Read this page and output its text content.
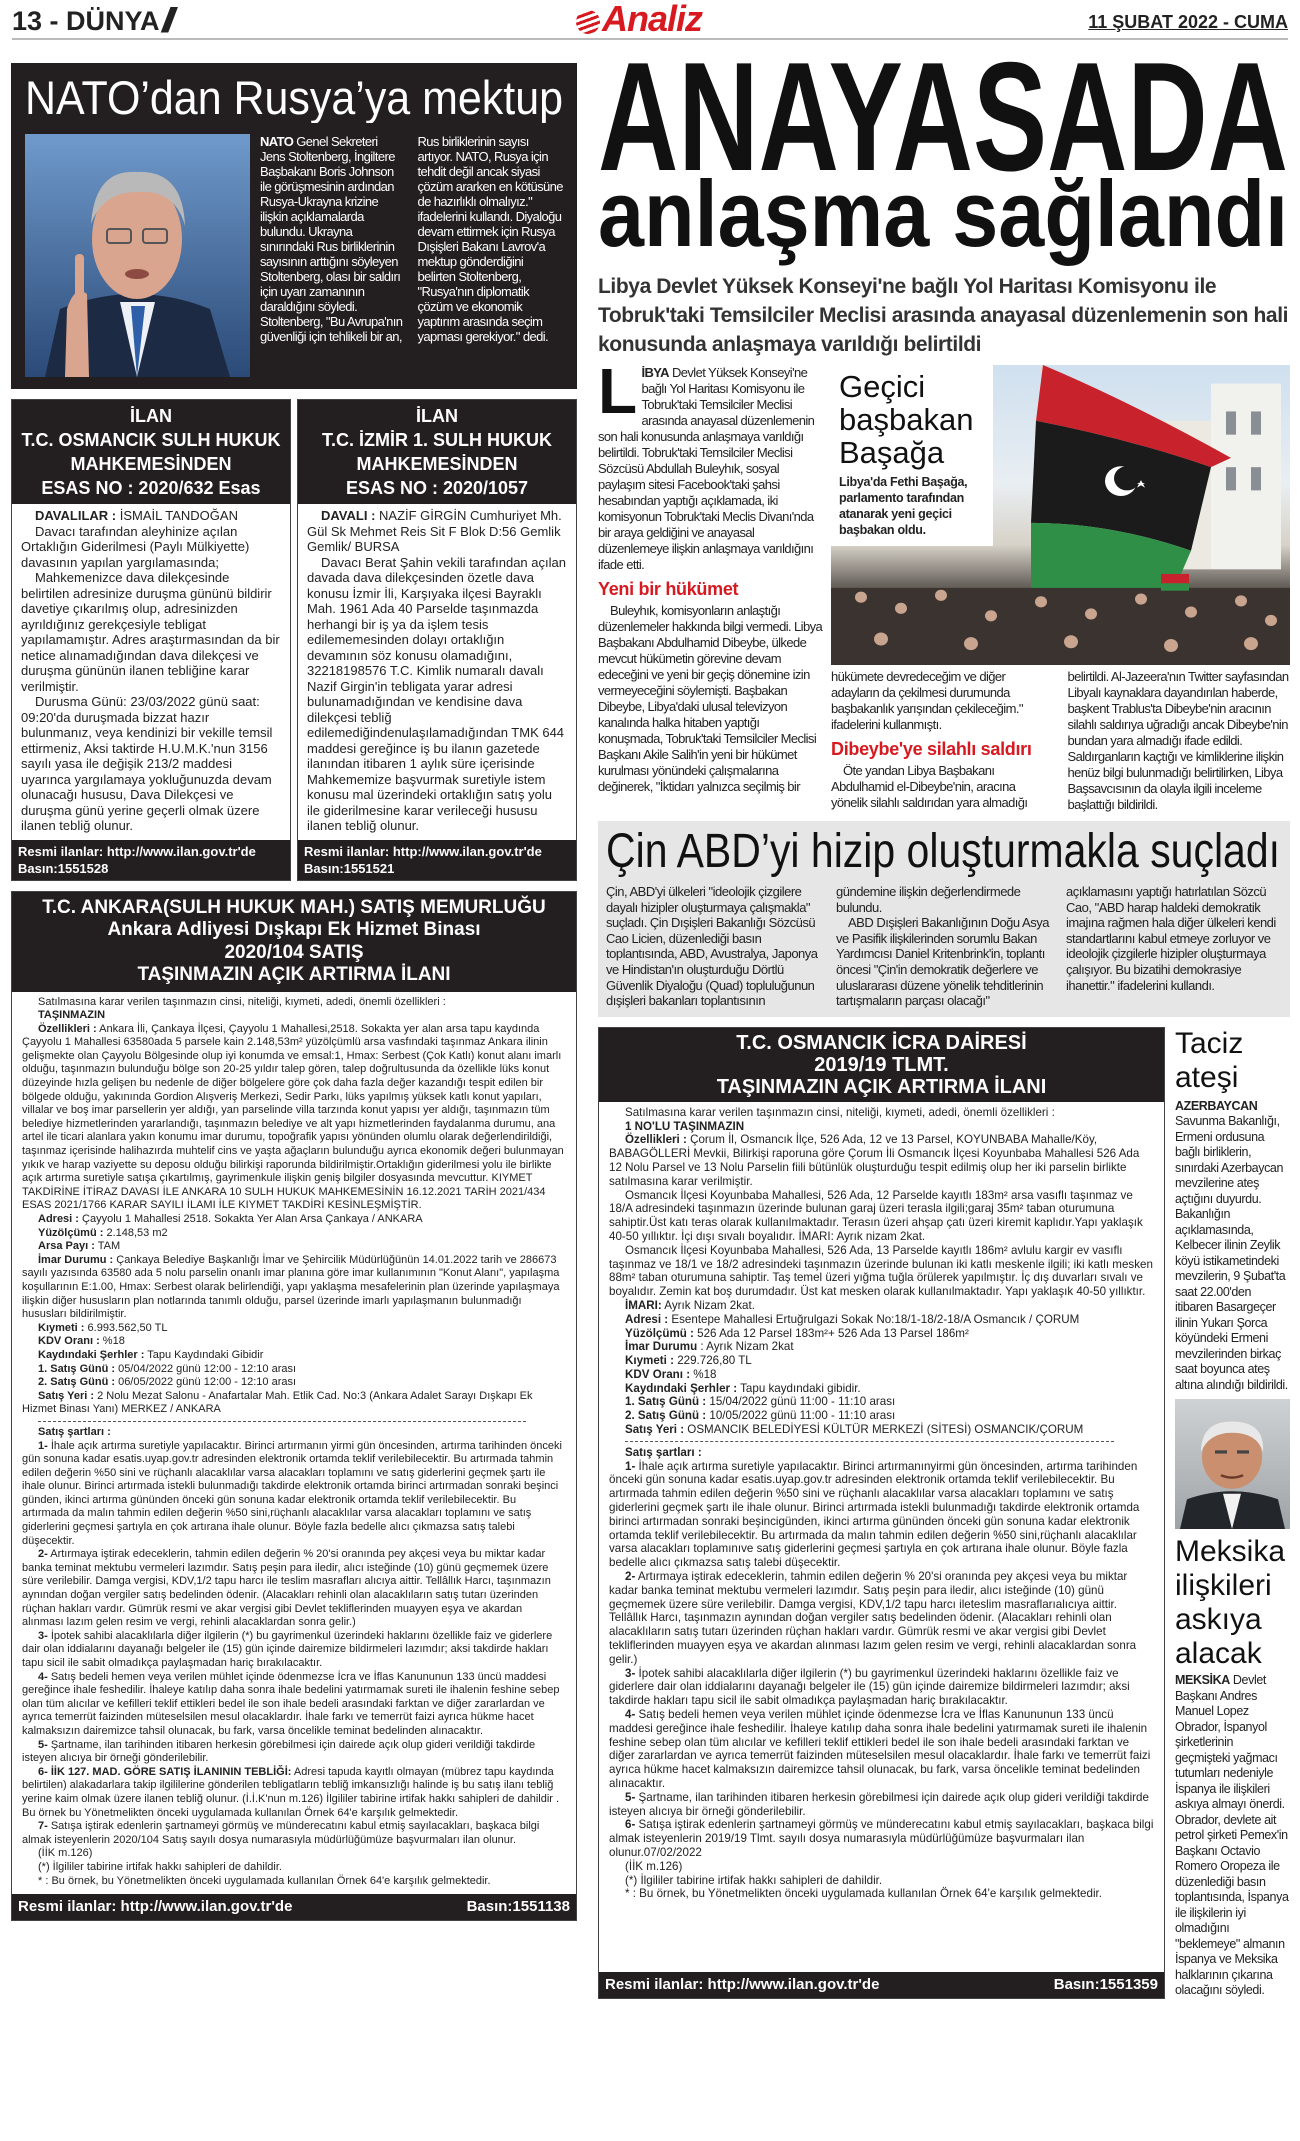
13 - DÜNYA //	Analiz	11 ŞUBAT 2022 - CUMA
NATO’dan Rusya’ya mektup
NATO Genel Sekreteri Jens Stoltenberg, İngiltere Başbakanı Boris Johnson ile görüşmesinin ardından Rusya-Ukrayna krizine ilişkin açıklamalarda bulundu. Ukrayna sınırındaki Rus birliklerinin sayısının arttığını söyleyen Stoltenberg, olası bir saldırı için uyarı zamanının daraldığını söyledi. Stoltenberg, "Bu Avrupa'nın güvenliği için tehlikeli bir an, Rus birliklerinin sayısı artıyor. NATO, Rusya için tehdit değil ancak siyasi çözüm ararken en kötüsüne de hazırlıklı olmalıyız." ifadelerini kullandı. Diyaloğu devam ettirmek için Rusya Dışişleri Bakanı Lavrov'a mektup gönderdiğini belirten Stoltenberg, "Rusya'nın diplomatik çözüm ve ekonomik yaptırım arasında seçim yapması gerekiyor." dedi.
İLAN
T.C. OSMANCIK SULH HUKUK
MAHKEMESİNDEN
ESAS NO : 2020/632 Esas

DAVALILAR : İSMAİL TANDOĞAN

Davacı tarafından aleyhinize açılan Ortaklığın Giderilmesi (Paylı Mülkiyette) davasının yapılan yargılamasında;

Mahkemenizce dava dilekçesinde belirtilen adresinize duruşma gününü bildirir davetiye çıkarılmış olup, adresinizden ayrıldığınız gerekçesiyle tebligat yapılamamıştır. Adres araştırmasından da bir netice alınamadığından dava dilekçesi ve duruşma gününün ilanen tebliğine karar verilmiştir.

Durusma Günü: 23/03/2022 günü saat: 09:20'da duruşmada bizzat hazır bulunmanız, veya kendinizi bir vekille temsil ettirmeniz, Aksi taktirde H.U.M.K.'nun 3156 sayılı yasa ile değişik 213/2 maddesi uyarınca yargılamaya yokluğunuzda devam olunacağı hususu, Dava Dilekçesi ve duruşma günü yerine geçerli olmak üzere ilanen tebliğ olunur.

Resmi ilanlar: http://www.ilan.gov.tr'de Basın:1551528
İLAN
T.C. İZMİR 1. SULH HUKUK
MAHKEMESİNDEN
ESAS NO : 2020/1057

DAVALI : NAZİF GİRGİN Cumhuriyet Mh. Gül Sk Mehmet Reis Sit F Blok D:56 Gemlik Gemlik/ BURSA

Davacı Berat Şahin vekili tarafından açılan davada dava dilekçesinden özetle dava konusu İzmir İli, Karşıyaka ilçesi Bayraklı Mah. 1961 Ada 40 Parselde taşınmazda herhangi bir iş ya da işlem tesis edilememesinden dolayı ortaklığın devamının söz konusu olamadığını, 32218198576 T.C. Kimlik numaralı davalı Nazif Girgin'in tebligata yarar adresi bulunamadığından ve kendisine dava dilekçesi tebliğ edilemediğindenulaşılamadığından TMK 644 maddesi gereğince iş bu ilanın gazetede ilanından itibaren 1 aylık süre içerisinde Mahkememize başvurmak suretiyle istem konusu mal üzerindeki ortaklığın satış yolu ile giderilmesine karar verileceği hususu ilanen tebliğ olunur.

Resmi ilanlar: http://www.ilan.gov.tr'de Basın:1551521
T.C. ANKARA(SULH HUKUK MAH.) SATIŞ MEMURLUĞU
Ankara Adliyesi Dışkapı Ek Hizmet Binası
2020/104 SATIŞ
TAŞINMAZIN AÇIK ARTIRMA İLANI

Satılmasına karar verilen taşınmazın cinsi, niteliği, kıymeti, adedi, önemli özellikleri :

TAŞINMAZIN

Özellikleri : Ankara İli, Çankaya İlçesi, Çayyolu 1 Mahallesi,2518. Sokakta yer alan arsa tapu kaydında Çayyolu 1 Mahallesi 63580ada 5 parsele kain 2.148,53m² yüzölçümlü arsa vasfındaki taşınmaz Ankara ilinin gelişmekte olan Çayyolu Bölgesinde olup iyi konumda ve emsal:1, Hmax: Serbest (Çok Katlı) konut alanı imarlı olduğu, taşınmazın bulunduğu bölge son 20-25 yıldır talep gören, talep doğrultusunda da özellikle lüks konut düzeyinde hızla gelişen bu nedenle de diğer bölgelere göre çok daha fazla değer kazandığı tespit edilen bir bölgede olduğu, yakınında Gordion Alışveriş Merkezi, Sedir Parkı, lüks yapılmış yüksek katlı konut yapıları, villalar ve boş imar parsellerin yer aldığı, yan parselinde villa tarzında konut yapısı yer aldığı, taşınmazın tüm belediye hizmetlerinden yararlandığı, taşınmazın belediye ve alt yapı hizmetlerinden faydalanma durumu, ana artel ile ticari alanlara yakın konumu imar durumu, topoğrafik yapısı yönünden olumlu olarak değerlendirildiği, taşınmaz içerisinde halihazırda muhtelif cins ve yaşta ağaçların bulunduğu ayrıca ekonomik değeri bulunmayan yıkık ve harap vaziyette su deposu olduğu bilirkişi raporunda bildirilmiştir.Ortaklığın giderilmesi yolu ile birlikte açık artırma suretiyle satışa çıkartılmış, gayrimenkule ilişkin geniş bilgiler dosyasında mevcuttur. KIYMET TAKDİRİNE İTİRAZ DAVASI İLE ANKARA 10 SULH HUKUK MAHKEMESİNİN 16.12.2021 TARİH 2021/434 ESAS 2021/1766 KARAR SAYILI İLAMI İLE KIYMET TAKDİRİ KESİNLEŞMİŞTİR.

Adresi : Çayyolu 1 Mahallesi 2518. Sokakta Yer Alan Arsa Çankaya / ANKARA

Yüzölçümü : 2.148,53 m2

Arsa Payı : TAM

İmar Durumu : Çankaya Belediye Başkanlığı İmar ve Şehircilik Müdürlüğünün 14.01.2022 tarih ve 286673 sayılı yazısında 63580 ada 5 nolu parselin onanlı imar planına göre imar kullanımının "Konut Alanı", yapılaşma koşullarının E:1.00, Hmax: Serbest olarak belirlendiği, yapı yaklaşma mesafelerinin plan üzerinde yapılaşmaya ilişkin diğer hususların plan notlarında tanımlı olduğu, parsel üzerinde imarlı yapılaşmanın bulunmadığı hususları bildirilmiştir.

Kıymeti : 6.993.562,50 TL

KDV Oranı : %18

Kaydındaki Şerhler : Tapu Kaydındaki Gibidir

1. Satış Günü : 05/04/2022 günü 12:00 - 12:10 arası

2. Satış Günü : 06/05/2022 günü 12:00 - 12:10 arası

Satış Yeri : 2 Nolu Mezat Salonu - Anafartalar Mah. Etlik Cad. No:3 (Ankara Adalet Sarayı Dışkapı Ek Hizmet Binası Yanı) MERKEZ / ANKARA

Satış şartları :

1- İhale açık artırma suretiyle yapılacaktır. Birinci artırmanın yirmi gün öncesinden, artırma tarihinden önceki gün sonuna kadar esatis.uyap.gov.tr adresinden elektronik ortamda teklif verilebilecektir. Bu artırmada tahmin edilen değerin %50 sini ve rüçhanlı alacaklılar varsa alacakları toplamını ve satış giderlerini geçmek şartı ile ihale olunur. Birinci artırmada istekli bulunmadığı takdirde elektronik ortamda birinci artırmadan sonraki beşinci günden, ikinci artırma gününden önceki gün sonuna kadar elektronik ortamda teklif verilebilecektir. Bu artırmada da malın tahmin edilen değerin %50 sini,rüçhanlı alacaklılar varsa alacakları toplamını ve satış giderlerini geçmesi şartıyla en çok artırana ihale olunur. Böyle fazla bedelle alıcı çıkmazsa satış talebi düşecektir.

2- Artırmaya iştirak edeceklerin, tahmin edilen değerin % 20'si oranında pey akçesi veya bu miktar kadar banka teminat mektubu vermeleri lazımdır. Satış peşin para iledir, alıcı isteğinde (10) günü geçmemek üzere süre verilebilir. Damga vergisi, KDV,1/2 tapu harcı ile teslim masrafları alıcıya aittir. Tellâllık Harcı, taşınmazın aynından doğan vergiler satış bedelinden ödenir. (Alacakları rehinli olan alacaklıların satış tutarı üzerinden rüçhan hakları vardır. Gümrük resmi ve akar vergisi gibi Devlet tekliflerinden muayyen eşya ve akardan alınması lazım gelen resim ve vergi, rehinli alacaklardan sonra gelir.)

3- İpotek sahibi alacaklılarla diğer ilgilerin (*) bu gayrimenkul üzerindeki haklarını özellikle faiz ve giderlere dair olan iddialarını dayanağı belgeler ile (15) gün içinde dairemize bildirmeleri lazımdır; aksi takdirde hakları tapu sicil ile sabit olmadıkça paylaşmadan hariç bırakılacaktır.

4- Satış bedeli hemen veya verilen mühlet içinde ödenmezse İcra ve İflas Kanununun 133 üncü maddesi gereğince ihale feshedilir. İhaleye katılıp daha sonra ihale bedelini yatırmamak sureti ile ihalenin feshine sebep olan tüm alıcılar ve kefilleri teklif ettikleri bedel ile son ihale bedeli arasındaki farktan ve diğer zararlardan ve ayrıca temerrüt faizinden müteselsilen mesul olacaklardır. İhale farkı ve temerrüt faizi ayrıca hükme hacet kalmaksızın dairemizce tahsil olunacak, bu fark, varsa öncelikle teminat bedelinden alınacaktır.

5- Şartname, ilan tarihinden itibaren herkesin görebilmesi için dairede açık olup gideri verildiği takdirde isteyen alıcıya bir örneği gönderilebilir.

6- İİK 127. MAD. GÖRE SATIŞ İLANININ TEBLİĞİ: Adresi tapuda kayıtlı olmayan (mübrez tapu kaydında belirtilen) alakadarlara takip ilgililerine gönderilen tebligatların tebliğ imkansızlığı halinde iş bu satış ilanı tebliğ yerine kaim olmak üzere ilanen tebliğ olunur. (İ.İ.K'nun m.126) İlgililer tabirine irtifak hakkı sahipleri de dahildir . Bu örnek bu Yönetmelikten önceki uygulamada kullanılan Örnek 64'e karşılık gelmektedir.

7- Satışa iştirak edenlerin şartnameyi görmüş ve münderecatını kabul etmiş sayılacakları, başkaca bilgi almak isteyenlerin 2020/104 Satış sayılı dosya numarasıyla müdürlüğümüze başvurmaları ilan olunur.

(İİK m.126)

(*) İlgililer tabirine irtifak hakkı sahipleri de dahildir.

* : Bu örnek, bu Yönetmelikten önceki uygulamada kullanılan Örnek 64'e karşılık gelmektedir.

Resmi ilanlar: http://www.ilan.gov.tr'de	Basın:1551138
ANAYASADA
anlaşma sağlandı
Libya Devlet Yüksek Konseyi'ne bağlı Yol Haritası Komisyonu ile Tobruk'taki Temsilciler Meclisi arasında anayasal düzenlemenin son hali konusunda anlaşmaya varıldığı belirtildi
L İBYA Devlet Yüksek Konseyi'ne bağlı Yol Haritası Komisyonu ile Tobruk'taki Temsilciler Meclisi arasında anayasal düzenlemenin son hali konusunda anlaşmaya varıldığı belirtildi. Tobruk'taki Temsilciler Meclisi Sözcüsü Abdullah Buleyhık, sosyal paylaşım sitesi Facebook'taki şahsi hesabından yaptığı açıklamada, iki komisyonun Tobruk'taki Meclis Divanı'nda bir araya geldiğini ve anayasal düzenlemeye ilişkin anlaşmaya varıldığını ifade etti.

Yeni bir hükümet

Buleyhık, komisyonların anlaştığı düzenlemeler hakkında bilgi vermedi. Libya Başbakanı Abdulhamid Dibeybe, ülkede mevcut hükümetin görevine devam edeceğini ve yeni bir geçiş dönemine izin vermeyeceğini söylemişti. Başbakan Dibeybe, Libya'daki ulusal televizyon kanalında halka hitaben yaptığı konuşmada, Tobruk'taki Temsilciler Meclisi Başkanı Akile Salih'in yeni bir hükümet kurulması yönündeki çalışmalarına değinerek, "İktidarı yalnızca seçilmiş bir

Geçici başbakan Başağa
Libya'da Fethi Başağa, parlamento tarafından atanarak yeni geçici başbakan oldu.

hükümete devredeceğim ve diğer adayların da çekilmesi durumunda başbakanlık yarışından çekileceğim." ifadelerini kullanmıştı.

Dibeybe'ye silahlı saldırı

Öte yandan Libya Başbakanı Abdulhamid el-Dibeybe'nin, aracına yönelik silahlı saldırıdan yara almadığı belirtildi. Al-Jazeera'nın Twitter sayfasından Libyalı kaynaklara dayandırılan haberde, başkent Trablus'ta Dibeybe'nin aracının silahlı saldırıya uğradığı ancak Dibeybe'nin bundan yara almadığı ifade edildi. Saldırganların kaçtığı ve kimliklerine ilişkin henüz bilgi bulunmadığı belirtilirken, Libya Başsavcısının da olayla ilgili inceleme başlattığı bildirildi.

Çin ABD’yi hizip oluşturmakla suçladı

Çin, ABD'yi ülkeleri "ideolojik çizgilere dayalı hizipler oluşturmaya çalışmakla" suçladı. Çin Dışişleri Bakanlığı Sözcüsü Cao Licien, düzenlediği basın toplantısında, ABD, Avustralya, Japonya ve Hindistan'ın oluşturduğu Dörtlü Güvenlik Diyaloğu (Quad) topluluğunun dışişleri bakanları toplantısının gündemine ilişkin değerlendirmede bulundu.

ABD Dışişleri Bakanlığının Doğu Asya ve Pasifik ilişkilerinden sorumlu Bakan Yardımcısı Daniel Kritenbrink'in, toplantı öncesi "Çin'in demokratik değerlere ve uluslararası düzene yönelik tehditlerinin tartışmaların parçası olacağı" açıklamasını yaptığı hatırlatılan Sözcü Cao, "ABD harap haldeki demokratik imajına rağmen hala diğer ülkeleri kendi standartlarını kabul etmeye zorluyor ve ideolojik çizgilerle hizipler oluşturmaya çalışıyor. Bu bizatihi demokrasiye ihanettir." ifadelerini kullandı.

T.C. OSMANCIK İCRA DAİRESİ
2019/19 TLMT.
TAŞINMAZIN AÇIK ARTIRMA İLANI

Satılmasına karar verilen taşınmazın cinsi, niteliği, kıymeti, adedi, önemli özellikleri :

1 NO'LU TAŞINMAZIN

Özellikleri : Çorum İl, Osmancık İlçe, 526 Ada, 12 ve 13 Parsel, KOYUNBABA Mahalle/Köy, BABAGÖLLERİ Mevkii, Bilirkişi raporuna göre Çorum İli Osmancık İlçesi Koyunbaba Mahallesi 526 Ada 12 Nolu Parsel ve 13 Nolu Parselin fiili bütünlük oluşturduğu tespit edilmiş olup her iki parselin birlikte satılmasına karar verilmiştir.

Osmancık İlçesi Koyunbaba Mahallesi, 526 Ada, 12 Parselde kayıtlı 183m² arsa vasıflı taşınmaz ve 18/A adresindeki taşınmazın üzerinde bulunan garaj üzeri terasla ilgili;garaj 35m² taban oturumuna sahiptir.Üst katı teras olarak kullanılmaktadır. Terasın üzeri ahşap çatı üzeri kiremit kaplıdır.Yapı yaklaşık 40-50 yıllıktır. İçi dışı sıvalı boyalıdır. İMARI: Ayrık nizam 2kat.

Osmancık İlçesi Koyunbaba Mahallesi, 526 Ada, 13 Parselde kayıtlı 186m² avlulu kargir ev vasıflı taşınmaz ve 18/1 ve 18/2 adresindeki taşınmazın üzerinde bulunan iki katlı meskenle ilgili; iki katlı mesken 88m² taban oturumuna sahiptir. Taş temel üzeri yığma tuğla örülerek yapılmıştır. İç dış duvarları sıvalı ve boyalıdır. Zemin kat boş durumdadır. Üst kat mesken olarak kullanılmaktadır. Yapı yaklaşık 40-50 yıllıktır.

İMARI: Ayrık Nizam 2kat.

Adresi : Esentepe Mahallesi Ertuğrulgazi Sokak No:18/1-18/2-18/A Osmancık / ÇORUM

Yüzölçümü : 526 Ada 12 Parsel 183m²+ 526 Ada 13 Parsel 186m²

İmar Durumu : Ayrık Nizam 2kat

Kıymeti : 229.726,80 TL

KDV Oranı : %18

Kaydındaki Şerhler : Tapu kaydındaki gibidir.

1. Satış Günü : 15/04/2022 günü 11:00 - 11:10 arası

2. Satış Günü : 10/05/2022 günü 11:00 - 11:10 arası

Satış Yeri : OSMANCIK BELEDİYESİ KÜLTÜR MERKEZİ (SİTESİ) OSMANCIK/ÇORUM

Satış şartları :

1- İhale açık artırma suretiyle yapılacaktır. Birinci artırmanınyirmi gün öncesinden, artırma tarihinden önceki gün sonuna kadar esatis.uyap.gov.tr adresinden elektronik ortamda teklif verilebilecektir. Bu artırmada tahmin edilen değerin %50 sini ve rüçhanlı alacaklılar varsa alacakları toplamını ve satış giderlerini geçmek şartı ile ihale olunur. Birinci artırmada istekli bulunmadığı takdirde elektronik ortamda birinci artırmadan sonraki beşincigünden, ikinci artırma gününden önceki gün sonuna kadar elektronik ortamda teklif verilebilecektir. Bu artırmada da malın tahmin edilen değerin %50 sini,rüçhanlı alacaklılar varsa alacakları toplamınıve satış giderlerini geçmesi şartıyla en çok artırana ihale olunur. Böyle fazla bedelle alıcı çıkmazsa satış talebi düşecektir.

2- Artırmaya iştirak edeceklerin, tahmin edilen değerin % 20'si oranında pey akçesi veya bu miktar kadar banka teminat mektubu vermeleri lazımdır. Satış peşin para iledir, alıcı isteğinde (10) günü geçmemek üzere süre verilebilir. Damga vergisi, KDV,1/2 tapu harcı ileteslim masraflarıalıcıya aittir. Tellâllık Harcı, taşınmazın aynından doğan vergiler satış bedelinden ödenir. (Alacakları rehinli olan alacaklıların satış tutarı üzerinden rüçhan hakları vardır. Gümrük resmi ve akar vergisi gibi Devlet tekliflerinden muayyen eşya ve akardan alınması lazım gelen resim ve vergi, rehinli alacaklardan sonra gelir.)

3- İpotek sahibi alacaklılarla diğer ilgilerin (*) bu gayrimenkul üzerindeki haklarını özellikle faiz ve giderlere dair olan iddialarını dayanağı belgeler ile (15) gün içinde dairemize bildirmeleri lazımdır; aksi takdirde hakları tapu sicil ile sabit olmadıkça paylaşmadan hariç bırakılacaktır.

4- Satış bedeli hemen veya verilen mühlet içinde ödenmezse İcra ve İflas Kanununun 133 üncü maddesi gereğince ihale feshedilir. İhaleye katılıp daha sonra ihale bedelini yatırmamak sureti ile ihalenin feshine sebep olan tüm alıcılar ve kefilleri teklif ettikleri bedel ile son ihale bedeli arasındaki farktan ve diğer zararlardan ve ayrıca temerrüt faizinden müteselsilen mesul olacaklardır. İhale farkı ve temerrüt faizi ayrıca hükme hacet kalmaksızın dairemizce tahsil olunacak, bu fark, varsa öncelikle teminat bedelinden alınacaktır.

5- Şartname, ilan tarihinden itibaren herkesin görebilmesi için dairede açık olup gideri verildiği takdirde isteyen alıcıya bir örneği gönderilebilir.

6- Satışa iştirak edenlerin şartnameyi görmüş ve münderecatını kabul etmiş sayılacakları, başkaca bilgi almak isteyenlerin 2019/19 Tlmt. sayılı dosya numarasıyla müdürlüğümüze başvurmaları ilan olunur.07/02/2022

(İİK m.126)

(*) İlgililer tabirine irtifak hakkı sahipleri de dahildir.

* : Bu örnek, bu Yönetmelikten önceki uygulamada kullanılan Örnek 64'e karşılık gelmektedir.

Resmi ilanlar: http://www.ilan.gov.tr'de	Basın:1551359
Taciz ateşi
AZERBAYCAN Savunma Bakanlığı, Ermeni ordusuna bağlı birliklerin, sınırdaki Azerbaycan mevzilerine ateş açtığını duyurdu. Bakanlığın açıklamasında, Kelbecer ilinin Zeylik köyü istikametindeki mevzilerin, 9 Şubat'ta saat 22.00'den itibaren Basargeçer ilinin Yukarı Şorca köyündeki Ermeni mevzilerinden birkaç saat boyunca ateş altına alındığı bildirildi.
Meksika ilişkileri askıya alacak
MEKSİKA Devlet Başkanı Andres Manuel Lopez Obrador, İspanyol şirketlerinin geçmişteki yağmacı tutumları nedeniyle İspanya ile ilişkileri askıya almayı önerdi. Obrador, devlete ait petrol şirketi Pemex'in Başkanı Octavio Romero Oropeza ile düzenlediği basın toplantısında, İspanya ile ilişkilerin iyi olmadığını "beklemeye" almanın İspanya ve Meksika halklarının çıkarına olacağını söyledi.
